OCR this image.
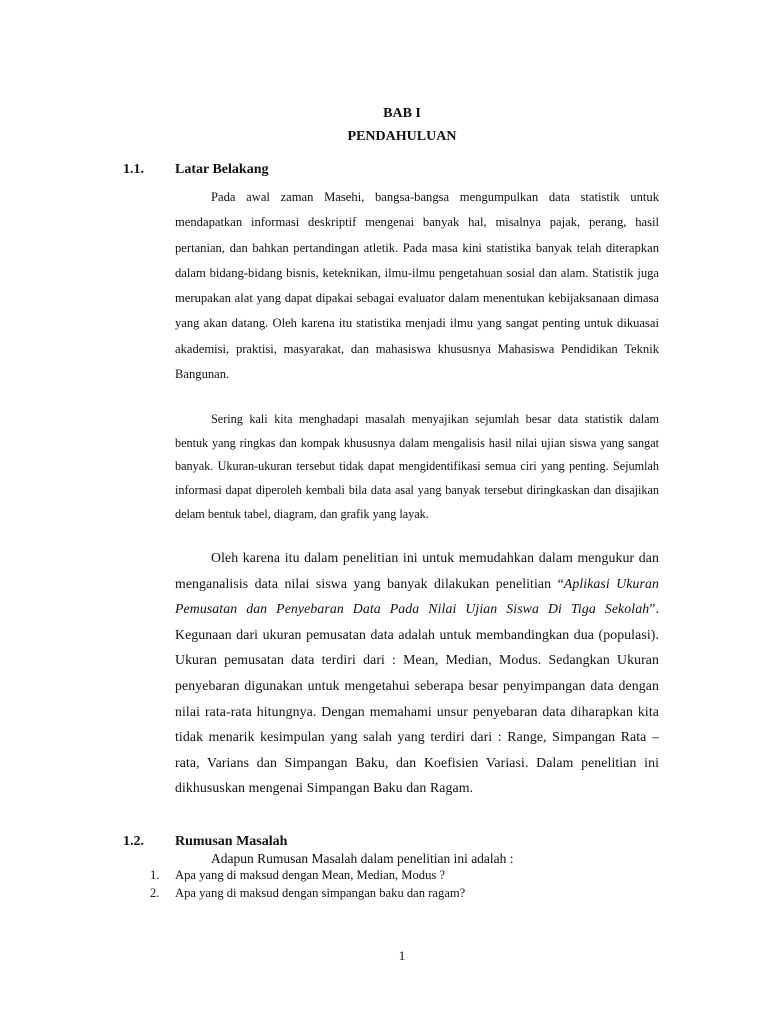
BAB I
PENDAHULUAN
1.1. Latar Belakang

Pada awal zaman Masehi, bangsa-bangsa mengumpulkan data statistik untuk mendapatkan informasi deskriptif mengenai banyak hal, misalnya pajak, perang, hasil pertanian, dan bahkan pertandingan atletik. Pada masa kini statistika banyak telah diterapkan dalam bidang-bidang bisnis, keteknikan, ilmu-ilmu pengetahuan sosial dan alam. Statistik juga merupakan alat yang dapat dipakai sebagai evaluator dalam menentukan kebijaksanaan dimasa yang akan datang. Oleh karena itu statistika menjadi ilmu yang sangat penting untuk dikuasai akademisi, praktisi, masyarakat, dan mahasiswa khususnya Mahasiswa Pendidikan Teknik Bangunan.

Sering kali kita menghadapi masalah menyajikan sejumlah besar data statistik dalam bentuk yang ringkas dan kompak khususnya dalam mengalisis hasil nilai ujian siswa yang sangat banyak. Ukuran-ukuran tersebut tidak dapat mengidentifikasi semua ciri yang penting. Sejumlah informasi dapat diperoleh kembali bila data asal yang banyak tersebut diringkaskan dan disajikan delam bentuk tabel, diagram, dan grafik yang layak.

Oleh karena itu dalam penelitian ini untuk memudahkan dalam mengukur dan menganalisis data nilai siswa yang banyak dilakukan penelitian “Aplikasi Ukuran Pemusatan dan Penyebaran Data Pada Nilai Ujian Siswa Di Tiga Sekolah”. Kegunaan dari ukuran pemusatan data adalah untuk membandingkan dua (populasi). Ukuran pemusatan data terdiri dari : Mean, Median, Modus. Sedangkan Ukuran penyebaran digunakan untuk mengetahui seberapa besar penyimpangan data dengan nilai rata-rata hitungnya. Dengan memahami unsur penyebaran data diharapkan kita tidak menarik kesimpulan yang salah yang terdiri dari : Range, Simpangan Rata – rata, Varians dan Simpangan Baku, dan Koefisien Variasi. Dalam penelitian ini dikhususkan mengenai Simpangan Baku dan Ragam.

1.2. Rumusan Masalah
Adapun Rumusan Masalah dalam penelitian ini adalah :
1. Apa yang di maksud dengan Mean, Median, Modus ?
2. Apa yang di maksud dengan simpangan baku dan ragam?
1
